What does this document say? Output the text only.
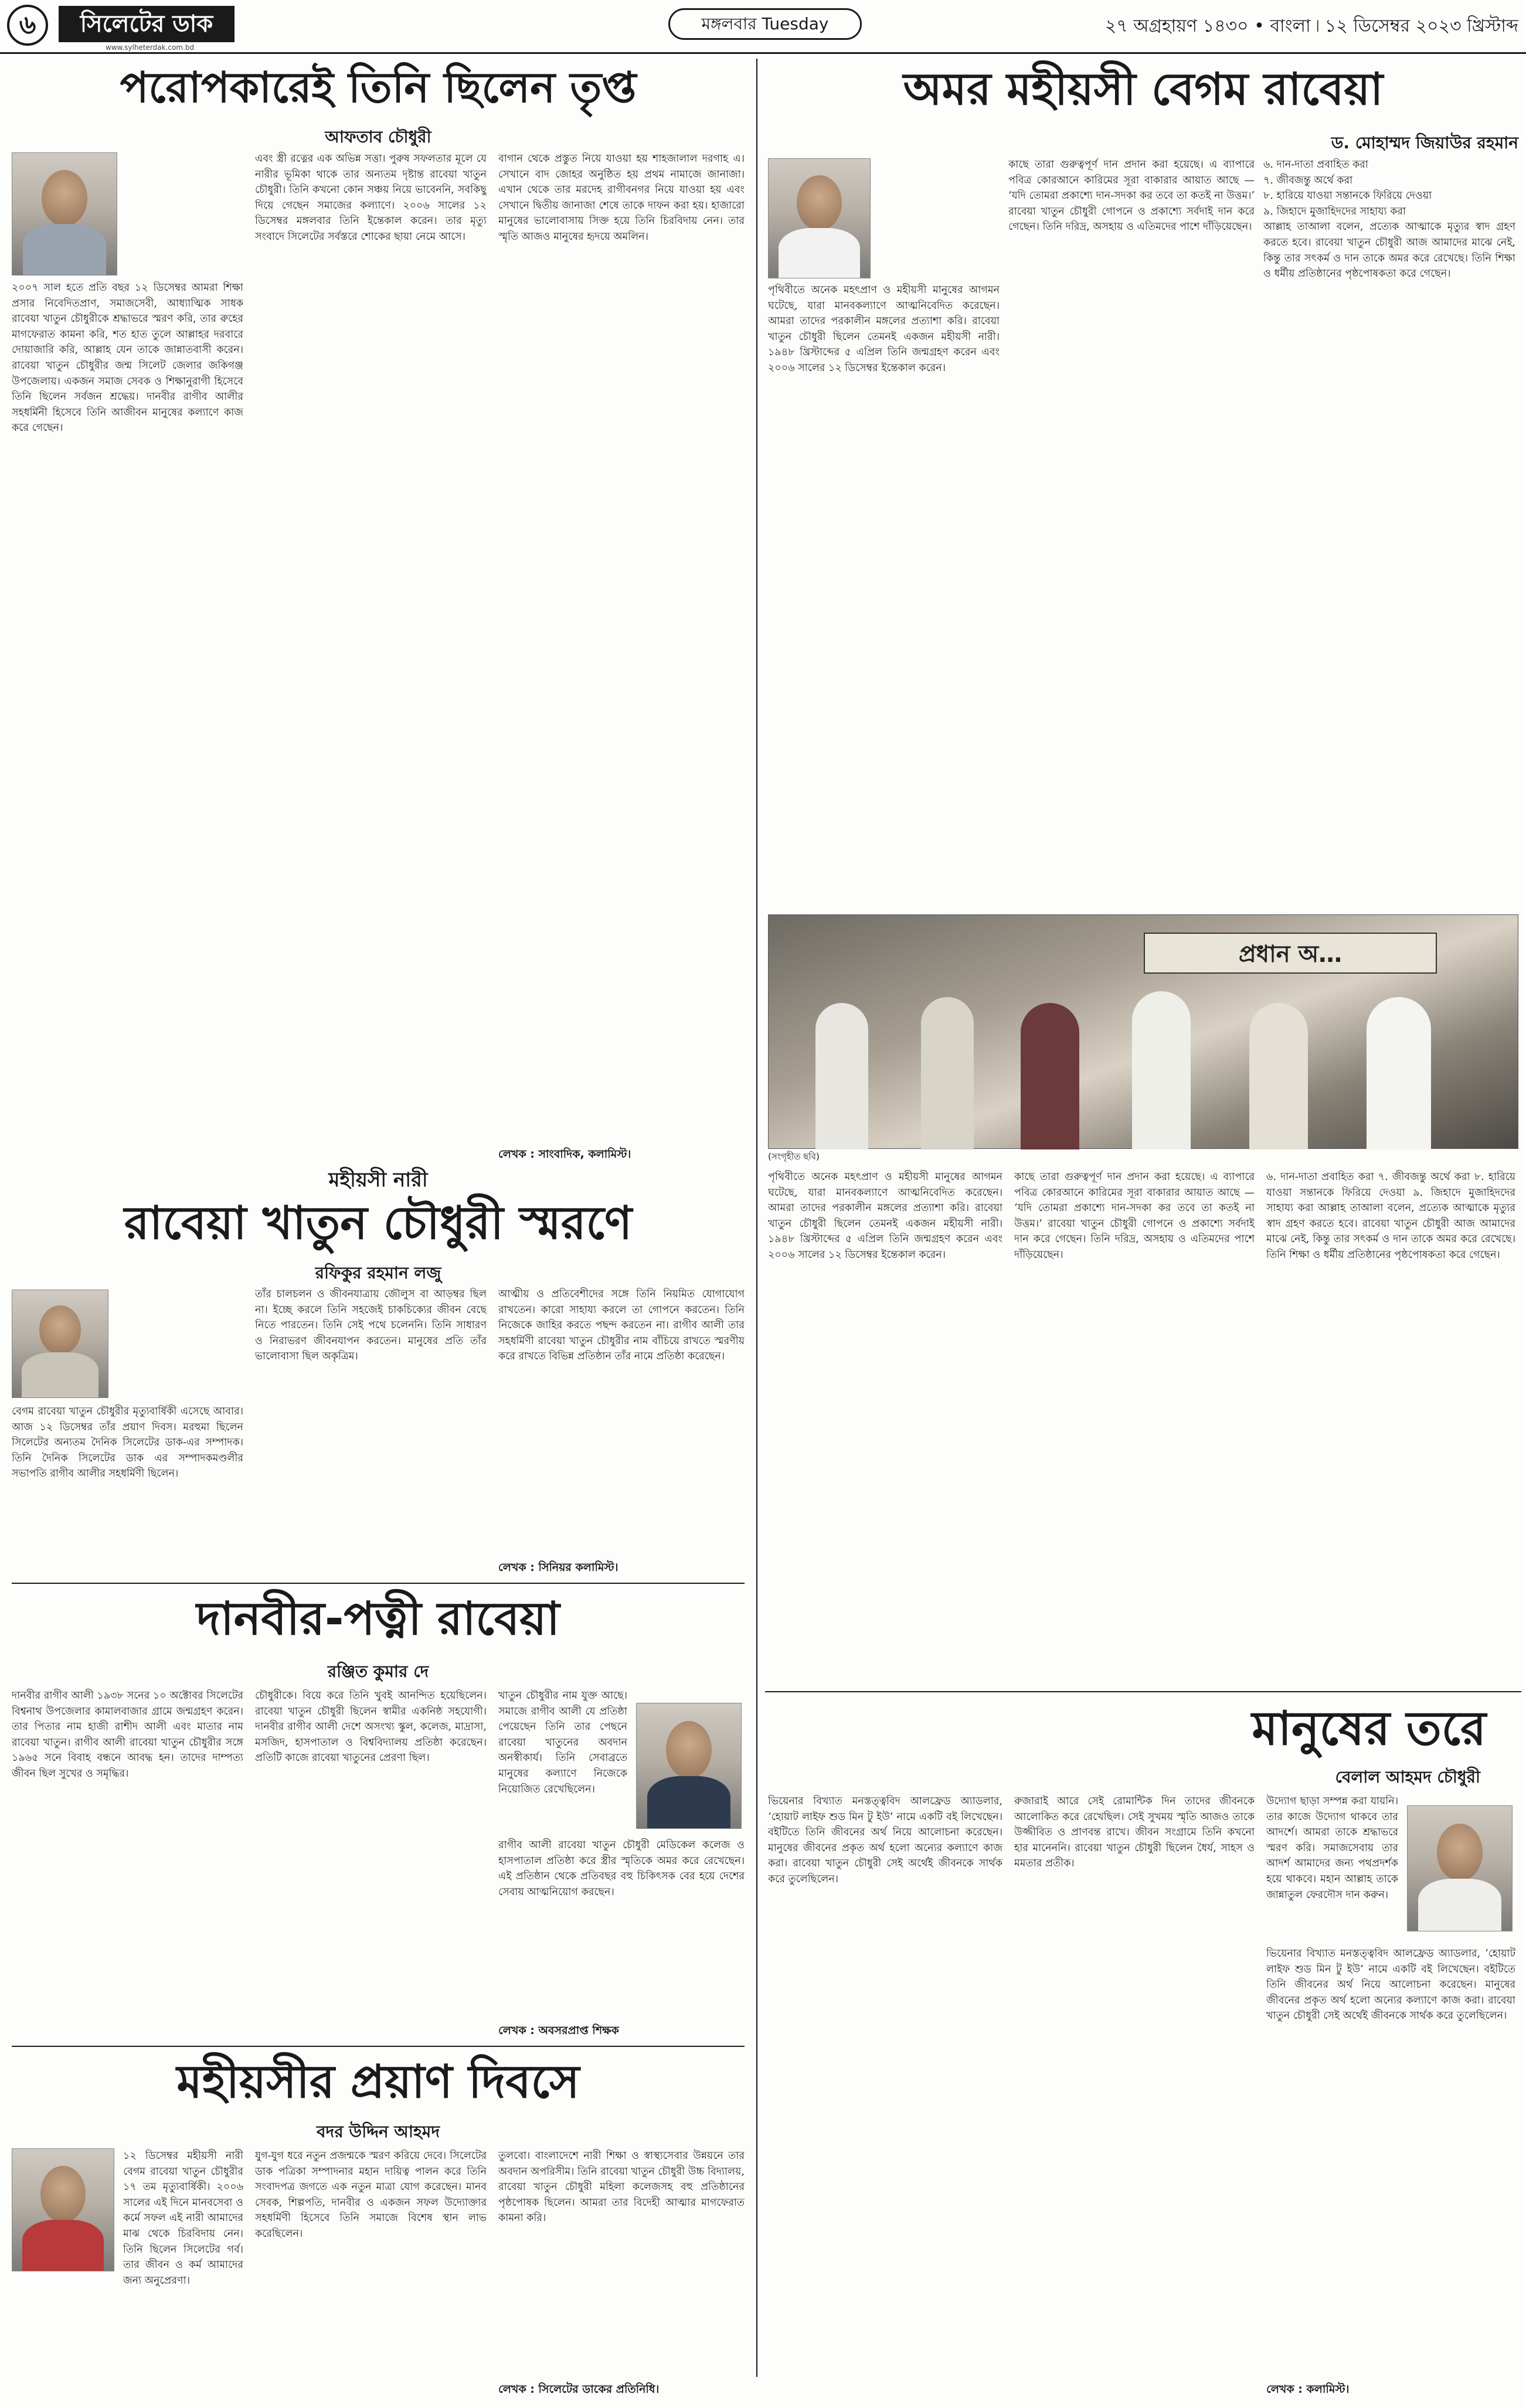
৬	সিলেটের ডাক
www.sylheterdak.com.bd
মঙ্গলবার Tuesday	২৭ অগ্রহায়ণ ১৪৩০ • বাংলা ৷ ১২ ডিসেম্বর ২০২৩ খ্রিস্টাব্দ
পরোপকারেই তিনি ছিলেন তৃপ্ত
আফতাব চৌধুরী
২০০৭ সাল হতে প্রতি বছর ১২ ডিসেম্বর আমরা শিক্ষা প্রসার নিবেদিতপ্রাণ, সমাজসেবী, আধ্যাত্মিক সাধক রাবেয়া খাতুন চৌধুরীকে শ্রদ্ধাভরে স্মরণ করি, তার রুহের মাগফেরাত কামনা করি, শত হাত তুলে আল্লাহর দরবারে দোয়াজারি করি, আল্লাহ যেন তাকে জান্নাতবাসী করেন। রাবেয়া খাতুন চৌধুরীর জন্ম সিলেট জেলার জকিগঞ্জ উপজেলায়। একজন সমাজ সেবক ও শিক্ষানুরাগী হিসেবে তিনি ছিলেন সর্বজন শ্রদ্ধেয়। দানবীর রাগীব আলীর সহধর্মিনী হিসেবে তিনি আজীবন মানুষের কল্যাণে কাজ করে গেছেন।
এবং স্ত্রী রত্নের এক অভিন্ন সত্তা। পুরুষ সফলতার মূলে যে নারীর ভূমিকা থাকে তার অন্যতম দৃষ্টান্ত রাবেয়া খাতুন চৌধুরী। তিনি কখনো কোন সঞ্চয় নিয়ে ভাবেননি, সবকিছু দিয়ে গেছেন সমাজের কল্যাণে। ২০০৬ সালের ১২ ডিসেম্বর মঙ্গলবার তিনি ইন্তেকাল করেন। তার মৃত্যু সংবাদে সিলেটের সর্বস্তরে শোকের ছায়া নেমে আসে।
বাগান থেকে প্রস্তুত নিয়ে যাওয়া হয় শাহজালাল দরগাহ এ। সেখানে বাদ জোহর অনুষ্ঠিত হয় প্রথম নামাজে জানাজা। এখান থেকে তার মরদেহ রাগীবনগর নিয়ে যাওয়া হয় এবং সেখানে দ্বিতীয় জানাজা শেষে তাকে দাফন করা হয়। হাজারো মানুষের ভালোবাসায় সিক্ত হয়ে তিনি চিরবিদায় নেন। তার স্মৃতি আজও মানুষের হৃদয়ে অমলিন।
লেখক : সাংবাদিক, কলামিস্ট।
অমর মহীয়সী বেগম রাবেয়া
ড. মোহাম্মদ জিয়াউর রহমান
পৃথিবীতে অনেক মহৎপ্রাণ ও মহীয়সী মানুষের আগমন ঘটেছে, যারা মানবকল্যাণে আত্মনিবেদিত করেছেন। আমরা তাদের পরকালীন মঙ্গলের প্রত্যাশা করি। রাবেয়া খাতুন চৌধুরী ছিলেন তেমনই একজন মহীয়সী নারী। ১৯৪৮ খ্রিস্টাব্দের ৫ এপ্রিল তিনি জন্মগ্রহণ করেন এবং ২০০৬ সালের ১২ ডিসেম্বর ইন্তেকাল করেন।
কাছে তারা গুরুত্বপূর্ণ দান প্রদান করা হয়েছে। এ ব্যাপারে পবিত্র কোরআনে কারিমের সূরা বাকারার আয়াত আছে — ‘যদি তোমরা প্রকাশ্যে দান-সদকা কর তবে তা কতই না উত্তম।’ রাবেয়া খাতুন চৌধুরী গোপনে ও প্রকাশ্যে সর্বদাই দান করে গেছেন। তিনি দরিদ্র, অসহায় ও এতিমদের পাশে দাঁড়িয়েছেন।
৬. দান-দাতা প্রবাহিত করা
৭. জীবজন্তু অর্থে করা
৮. হারিয়ে যাওয়া সন্তানকে ফিরিয়ে দেওয়া
৯. জিহাদে মুজাহিদদের সাহায্য করা
আল্লাহ তাআলা বলেন, প্রত্যেক আত্মাকে মৃত্যুর স্বাদ গ্রহণ করতে হবে। রাবেয়া খাতুন চৌধুরী আজ আমাদের মাঝে নেই, কিন্তু তার সৎকর্ম ও দান তাকে অমর করে রেখেছে। তিনি শিক্ষা ও ধর্মীয় প্রতিষ্ঠানের পৃষ্ঠপোষকতা করে গেছেন।
প্রধান অ…
(সংগৃহীত ছবি)
পৃথিবীতে অনেক মহৎপ্রাণ ও মহীয়সী মানুষের আগমন ঘটেছে, যারা মানবকল্যাণে আত্মনিবেদিত করেছেন। আমরা তাদের পরকালীন মঙ্গলের প্রত্যাশা করি। রাবেয়া খাতুন চৌধুরী ছিলেন তেমনই একজন মহীয়সী নারী। ১৯৪৮ খ্রিস্টাব্দের ৫ এপ্রিল তিনি জন্মগ্রহণ করেন এবং ২০০৬ সালের ১২ ডিসেম্বর ইন্তেকাল করেন।
কাছে তারা গুরুত্বপূর্ণ দান প্রদান করা হয়েছে। এ ব্যাপারে পবিত্র কোরআনে কারিমের সূরা বাকারার আয়াত আছে — ‘যদি তোমরা প্রকাশ্যে দান-সদকা কর তবে তা কতই না উত্তম।’ রাবেয়া খাতুন চৌধুরী গোপনে ও প্রকাশ্যে সর্বদাই দান করে গেছেন। তিনি দরিদ্র, অসহায় ও এতিমদের পাশে দাঁড়িয়েছেন।
৬. দান-দাতা প্রবাহিত করা ৭. জীবজন্তু অর্থে করা ৮. হারিয়ে যাওয়া সন্তানকে ফিরিয়ে দেওয়া ৯. জিহাদে মুজাহিদদের সাহায্য করা আল্লাহ তাআলা বলেন, প্রত্যেক আত্মাকে মৃত্যুর স্বাদ গ্রহণ করতে হবে। রাবেয়া খাতুন চৌধুরী আজ আমাদের মাঝে নেই, কিন্তু তার সৎকর্ম ও দান তাকে অমর করে রেখেছে। তিনি শিক্ষা ও ধর্মীয় প্রতিষ্ঠানের পৃষ্ঠপোষকতা করে গেছেন।
মহীয়সী নারী
রাবেয়া খাতুন চৌধুরী স্মরণে
রফিকুর রহমান লজু
বেগম রাবেয়া খাতুন চৌধুরীর মৃত্যুবার্ষিকী এসেছে আবার। আজ ১২ ডিসেম্বর তাঁর প্রয়াণ দিবস। মরহুমা ছিলেন সিলেটের অন্যতম দৈনিক সিলেটের ডাক-এর সম্পাদক। তিনি দৈনিক সিলেটের ডাক এর সম্পাদকমণ্ডলীর সভাপতি রাগীব আলীর সহধর্মিণী ছিলেন।
তাঁর চালচলন ও জীবনযাত্রায় জৌলুস বা আড়ম্বর ছিল না। ইচ্ছে করলে তিনি সহজেই চাকচিক্যের জীবন বেছে নিতে পারতেন। তিনি সেই পথে চলেননি। তিনি সাধারণ ও নিরাভরণ জীবনযাপন করতেন। মানুষের প্রতি তাঁর ভালোবাসা ছিল অকৃত্রিম।
আত্মীয় ও প্রতিবেশীদের সঙ্গে তিনি নিয়মিত যোগাযোগ রাখতেন। কারো সাহায্য করলে তা গোপনে করতেন। তিনি নিজেকে জাহির করতে পছন্দ করতেন না। রাগীব আলী তার সহধর্মিণী রাবেয়া খাতুন চৌধুরীর নাম বাঁচিয়ে রাখতে স্মরণীয় করে রাখতে বিভিন্ন প্রতিষ্ঠান তাঁর নামে প্রতিষ্ঠা করেছেন।
লেখক : সিনিয়র কলামিস্ট।
দানবীর-পত্নী রাবেয়া
রঞ্জিত কুমার দে
দানবীর রাগীব আলী ১৯৩৮ সনের ১০ অক্টোবর সিলেটের বিশ্বনাথ উপজেলার কামালবাজার গ্রামে জন্মগ্রহণ করেন। তার পিতার নাম হাজী রাশীদ আলী এবং মাতার নাম রাবেয়া খাতুন। রাগীব আলী রাবেয়া খাতুন চৌধুরীর সঙ্গে ১৯৬৫ সনে বিবাহ বন্ধনে আবদ্ধ হন। তাদের দাম্পত্য জীবন ছিল সুখের ও সমৃদ্ধির।
চৌধুরীকে। বিয়ে করে তিনি খুবই আনন্দিত হয়েছিলেন। রাবেয়া খাতুন চৌধুরী ছিলেন স্বামীর একনিষ্ঠ সহযোগী। দানবীর রাগীব আলী দেশে অসংখ্য স্কুল, কলেজ, মাদ্রাসা, মসজিদ, হাসপাতাল ও বিশ্ববিদ্যালয় প্রতিষ্ঠা করেছেন। প্রতিটি কাজে রাবেয়া খাতুনের প্রেরণা ছিল।
খাতুন চৌধুরীর নাম যুক্ত আছে। সমাজে রাগীব আলী যে প্রতিষ্ঠা পেয়েছেন তিনি তার পেছনে রাবেয়া খাতুনের অবদান অনস্বীকার্য। তিনি সেবাব্রতে মানুষের কল্যাণে নিজেকে নিয়োজিত রেখেছিলেন।
রাগীব আলী রাবেয়া খাতুন চৌধুরী মেডিকেল কলেজ ও হাসপাতাল প্রতিষ্ঠা করে স্ত্রীর স্মৃতিকে অমর করে রেখেছেন। এই প্রতিষ্ঠান থেকে প্রতিবছর বহু চিকিৎসক বের হয়ে দেশের সেবায় আত্মনিয়োগ করছেন।
লেখক : অবসরপ্রাপ্ত শিক্ষক
মহীয়সীর প্রয়াণ দিবসে
বদর উদ্দিন আহমদ
১২ ডিসেম্বর মহীয়সী নারী বেগম রাবেয়া খাতুন চৌধুরীর ১৭ তম মৃত্যুবার্ষিকী। ২০০৬ সালের এই দিনে মানবসেবা ও কর্মে সফল এই নারী আমাদের মাঝ থেকে চিরবিদায় নেন। তিনি ছিলেন সিলেটের গর্ব। তার জীবন ও কর্ম আমাদের জন্য অনুপ্রেরণা।
যুগ-যুগ ধরে নতুন প্রজন্মকে স্মরণ করিয়ে দেবে। সিলেটের ডাক পত্রিকা সম্পাদনার মহান দায়িত্ব পালন করে তিনি সংবাদপত্র জগতে এক নতুন মাত্রা যোগ করেছেন। মানব সেবক, শিল্পপতি, দানবীর ও একজন সফল উদ্যোক্তার সহধর্মিণী হিসেবে তিনি সমাজে বিশেষ স্থান লাভ করেছিলেন।
তুলবো। বাংলাদেশে নারী শিক্ষা ও স্বাস্থ্যসেবার উন্নয়নে তার অবদান অপরিসীম। তিনি রাবেয়া খাতুন চৌধুরী উচ্চ বিদ্যালয়, রাবেয়া খাতুন চৌধুরী মহিলা কলেজসহ বহু প্রতিষ্ঠানের পৃষ্ঠপোষক ছিলেন। আমরা তার বিদেহী আত্মার মাগফেরাত কামনা করি।
লেখক : সিলেটের ডাকের প্রতিনিধি।
মানুষের তরে
বেলাল আহমদ চৌধুরী
ভিয়েনার বিখ্যাত মনস্তত্ত্ববিদ আলফ্রেড অ্যাডলার, ‘হোয়াট লাইফ শুড মিন টু ইউ’ নামে একটি বই লিখেছেন। বইটিতে তিনি জীবনের অর্থ নিয়ে আলোচনা করেছেন। মানুষের জীবনের প্রকৃত অর্থ হলো অন্যের কল্যাণে কাজ করা। রাবেয়া খাতুন চৌধুরী সেই অর্থেই জীবনকে সার্থক করে তুলেছিলেন।
রুজারাই আরে সেই রোমান্টিক দিন তাদের জীবনকে আলোকিত করে রেখেছিল। সেই সুখময় স্মৃতি আজও তাকে উজ্জীবিত ও প্রাণবন্ত রাখে। জীবন সংগ্রামে তিনি কখনো হার মানেননি। রাবেয়া খাতুন চৌধুরী ছিলেন ধৈর্য, সাহস ও মমতার প্রতীক।
উদ্যোগ ছাড়া সম্পন্ন করা যায়নি। তার কাজে উদ্যোগ থাকবে তার আদর্শে। আমরা তাকে শ্রদ্ধাভরে স্মরণ করি। সমাজসেবায় তার আদর্শ আমাদের জন্য পথপ্রদর্শক হয়ে থাকবে। মহান আল্লাহ তাকে জান্নাতুল ফেরদৌস দান করুন।
ভিয়েনার বিখ্যাত মনস্তত্ত্ববিদ আলফ্রেড অ্যাডলার, ‘হোয়াট লাইফ শুড মিন টু ইউ’ নামে একটি বই লিখেছেন। বইটিতে তিনি জীবনের অর্থ নিয়ে আলোচনা করেছেন। মানুষের জীবনের প্রকৃত অর্থ হলো অন্যের কল্যাণে কাজ করা। রাবেয়া খাতুন চৌধুরী সেই অর্থেই জীবনকে সার্থক করে তুলেছিলেন।
লেখক : কলামিস্ট।
